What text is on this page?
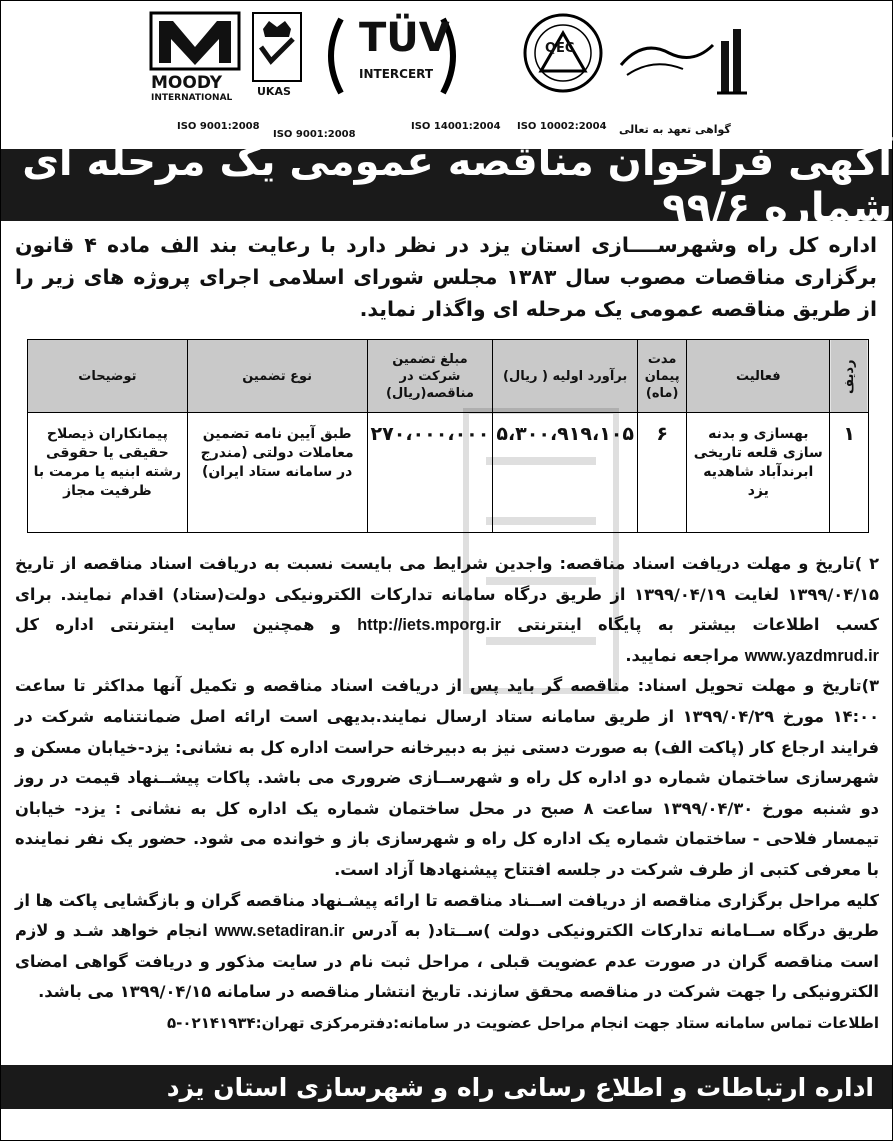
MOODY
INTERNATIONAL
ISO 9001:2008
UKAS
ISO 9001:2008
TÜV
INTERCERT
ISO 14001:2004
QEC
ISO 10002:2004 گواهی تعهد به تعالی
آگهی فراخوان مناقصه عمومی یک مرحله ای شماره ۹۹/۶
اداره کل راه وشهرســــازی استان یزد در نظر دارد با رعایت بند الف ماده ۴ قانون برگزاری مناقصات مصوب سال ۱۳۸۳ مجلس شورای اسلامی اجرای پروژه های زیر را از طریق مناقصه عمومی یک مرحله ای واگذار نماید.
ردیف	فعالیت	مدت پیمان (ماه)	برآورد اولیه ( ریال)	مبلغ تضمین شرکت در مناقصه(ریال)	نوع تضمین	توضیحات
۱	بهسازی و بدنه سازی قلعه تاریخی ابرندآباد شاهدیه یزد	۶	۵،۳۰۰،۹۱۹،۱۰۵	۲۷۰،۰۰۰،۰۰۰	طبق آیین نامه تضمین معاملات دولتی (مندرج در سامانه ستاد ایران)	پیمانکاران ذیصلاح حقیقی یا حقوقی رشته ابنیه یا مرمت با ظرفیت مجاز

۲ )تاریخ و مهلت دریافت اسناد مناقصه: واجدین شرایط می بایست نسبت به دریافت اسناد مناقصه از تاریخ ۱۳۹۹/۰۴/۱۵ لغایت ۱۳۹۹/۰۴/۱۹ از طریق درگاه سامانه تدارکات الکترونیکی دولت(ستاد) اقدام نمایند. برای کسب اطلاعات بیشتر به پایگاه اینترنتی http://iets.mporg.ir و همچنین سایت اینترنتی اداره کل www.yazdmrud.ir مراجعه نمایید.

۳)تاریخ و مهلت تحویل اسناد: مناقصه گر باید پس از دریافت اسناد مناقصه و تکمیل آنها مداکثر تا ساعت ۱۴:۰۰ مورخ ۱۳۹۹/۰۴/۲۹ از طریق سامانه ستاد ارسال نمایند.بدیهی است ارائه اصل ضمانتنامه شرکت در فرایند ارجاع کار (پاکت الف) به صورت دستی نیز به دبیرخانه حراست اداره کل به نشانی: یزد-خیابان مسکن و شهرسازی ساختمان شماره دو اداره کل راه و شهرســازی ضروری می باشد. پاکات پیشــنهاد قیمت در روز دو شنبه مورخ ۱۳۹۹/۰۴/۳۰ ساعت ۸ صبح در محل ساختمان شماره یک اداره کل به نشانی : یزد- خیابان تیمسار فلاحی - ساختمان شماره یک اداره کل راه و شهرسازی باز و خوانده می شود. حضور یک نفر نماینده با معرفی کتبی از طرف شرکت در جلسه افتتاح پیشنهادها آزاد است.

کلیه مراحل برگزاری مناقصه از دریافت اســناد مناقصه تا ارائه پیشـنهاد مناقصه گران و بازگشایی پاکت ها از طریق درگاه ســامانه تدارکات الکترونیکی دولت )ســتاد( به آدرس www.setadiran.ir انجام خواهد شـد و لازم است مناقصه گران در صورت عدم عضویت قبلی ، مراحل ثبت نام در سایت مذکور و دریافت گواهی امضای الکترونیکی را جهت شرکت در مناقصه محقق سازند. تاریخ انتشار مناقصه در سامانه ۱۳۹۹/۰۴/۱۵ می باشد.

اطلاعات تماس سامانه ستاد جهت انجام مراحل عضویت در سامانه:دفترمرکزی تهران:۰۲۱۴۱۹۳۴-۵

اداره ارتباطات و اطلاع رسانی راه و شهرسازی استان یزد
